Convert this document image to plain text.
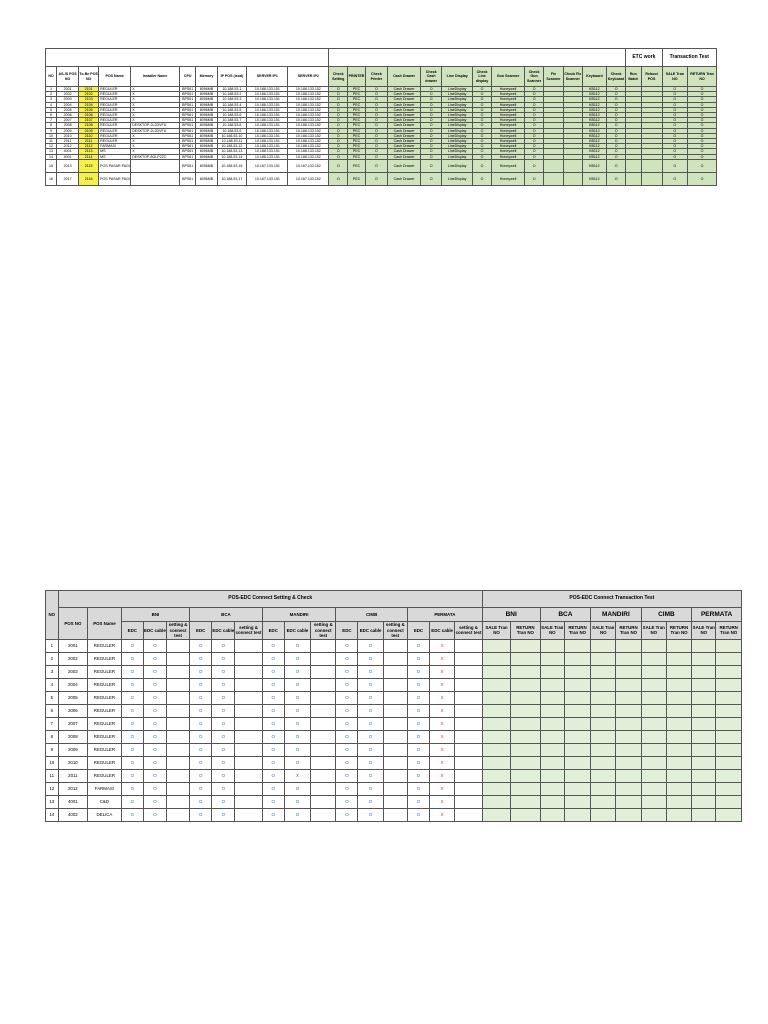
																							ETC work		Transaction Test	
NO	AS-IS POS NO	To-Be POS NO	POS Name	Installer Name	CPU	Memory	IP POS (Isod)	SERVER IP1	SERVER IP2	Check Setting	PRINTER	Check Printer	Cash Drawer	Check Cash drawer	Line Display	Check Line display	Gun Scanner	Check Gun Scanner	Fix Scanner	Check Fix Scanner	Keyboard	Check Keyboard	Run Batch	Reboot POS	SALE Tran NO	RETURN Tran NO
1	2001	2101	REGULER	X	BPS61	8096MB	10.188.53.1	10.188.133.151	10.188.133.152	O	PEC	O	Cash Drawer	O	LineDisplay	O	Honeywell	O			KB112	O			O	O
2	2002	2102	REGULER	X	BPS61	8096MB	10.188.53.2	10.188.133.151	10.188.133.152	O	PEC	O	Cash Drawer	O	LineDisplay	O	Honeywell	O			KB112	O			O	O
3	2003	2103	REGULER	X	BPS61	8096MB	10.188.53.3	10.188.133.151	10.188.133.152	O	PEC	O	Cash Drawer	O	LineDisplay	O	Honeywell	O			KB112	O			O	O
4	2004	2104	REGULER	X	BPS61	8096MB	10.188.53.4	10.188.133.151	10.188.133.152	O	PEC	O	Cash Drawer	O	LineDisplay	O	Honeywell	O			KB112	O			O	O
5	2005	2105	REGULER	X	BPS61	8096MB	10.188.53.5	10.188.133.151	10.188.133.152	O	PEC	O	Cash Drawer	O	LineDisplay	O	Honeywell	O			KB112	O			O	O
6	2006	2106	REGULER	X	BPS61	8096MB	10.188.53.6	10.188.133.151	10.188.133.152	O	PEC	O	Cash Drawer	O	LineDisplay	O	Honeywell	O			KB112	O			O	O
7	2007	2107	REGULER	X	BPS61	8096MB	10.188.53.7	10.188.133.151	10.188.133.152	O	PEC	O	Cash Drawer	O	LineDisplay	O	Honeywell	O			KB112	O			O	O
8	2008	2108	REGULER	DESKTOP-2L2DVFU	BPS61	8096MB	10.188.53.8	10.188.133.151	10.188.133.152	O	PEC	O	Cash Drawer	O	LineDisplay	O	Honeywell	O			KB112	O			O	O
9	2009	2109	REGULER	DESKTOP-2L2DVFU	BPS61	8096MB	10.188.53.9	10.188.133.151	10.188.133.152	O	PEC	O	Cash Drawer	O	LineDisplay	O	Honeywell	O			KB112	O			O	O
10	2010	2110	REGULER	X	BPS61	8096MB	10.188.53.10	10.188.133.151	10.188.133.152	O	PEC	O	Cash Drawer	O	LineDisplay	O	Honeywell	O			KB112	O			O	O
11	2011	2111	REGULER	X	BPS61	8096MB	10.188.53.11	10.188.133.151	10.188.133.152	O	PEC	O	Cash Drawer	O	LineDisplay	O	Honeywell	O			KB112	O			O	O
12	2012	2112	FARMASI	X	BPS61	8096MB	10.188.53.12	10.188.133.151	10.188.133.152	O	PEC	O	Cash Drawer	O	LineDisplay	O	Honeywell	O			KB112	O			O	O
13	4001	2113	MS	X	BPS61	8096MB	10.188.53.13	10.188.133.151	10.188.133.152	O	PEC	O	Cash Drawer	O	LineDisplay	O	Honeywell	O			KB112	O			O	O
14	4001	2114	MS	DESKTOP-8GLP22C	BPS61	8096MB	10.188.53.14	10.188.133.151	10.188.133.152	O	PEC	O	Cash Drawer	O	LineDisplay	O	Honeywell	O			KB112	O			O	O
15	2013	2115	POS PASAR PAGI		BPS61	8096MB	10.188.53.15	10.167.133.151	10.167.133.152	O	PEC	O	Cash Drawer	O	LineDisplay	O	Honeywell	O			KB112	O			O	O
16	2017	2116	POS PASAR PAGI		BPS61	8096MB	10.188.53.17	10.167.133.151	10.167.133.152	O	PEC	O	Cash Drawer	O	LineDisplay	O	Honeywell	O			KB112	O			O	O
NO	POS-EDC Connect Setting & Check																	POS-EDC Connect Transaction Test									
	POS NO	POS Name	BNI			BCA			MANDIRI			CIMB			PERMATA			BNI		BCA		MANDIRI		CIMB		PERMATA	

			EDC	EDC cable	setting & connect test	EDC	EDC cable	setting & connect test	EDC	EDC cable	setting & connect test	EDC	EDC cable	setting & connect test	EDC	EDC cable	setting & connect test	SALE Tran NO	RETURN Tran NO	SALE Tran NO	RETURN Tran NO	SALE Tran NO	RETURN Tran NO	SALE Tran NO	RETURN Tran NO	SALE Tran NO	RETURN Tran NO
1	2001	REGULER	O	O		O	O		O	O		O	O		O	X											
2	2002	REGULER	O	O		O	O		O	O		O	O		O	X											
3	2003	REGULER	O	O		O	O		O	O		O	O		O	X											
4	2004	REGULER	O	O		O	O		O	O		O	O		O	X											
5	2005	REGULER	O	O		O	O		O	O		O	O		O	X											
6	2006	REGULER	O	O		O	O		O	O		O	O		O	X											
7	2007	REGULER	O	O		O	O		O	O		O	O		O	X											
8	2008	REGULER	O	O		O	O		O	O		O	O		O	X											
9	2009	REGULER	O	O		O	O		O	O		O	O		O	X											
10	2010	REGULER	O	O		O	O		O	O		O	O		O	X											
11	2011	REGULER	O	O		O	O		O	X		O	O		O	X											
12	2012	FARMASI	O	O		O	O		O	O		O	O		O	X											
13	4001	C&D	O	O		O	O		O	O		O	O		O	X											
14	4002	DELICA	O	O		O	O		O	O		O	O		O	X											
